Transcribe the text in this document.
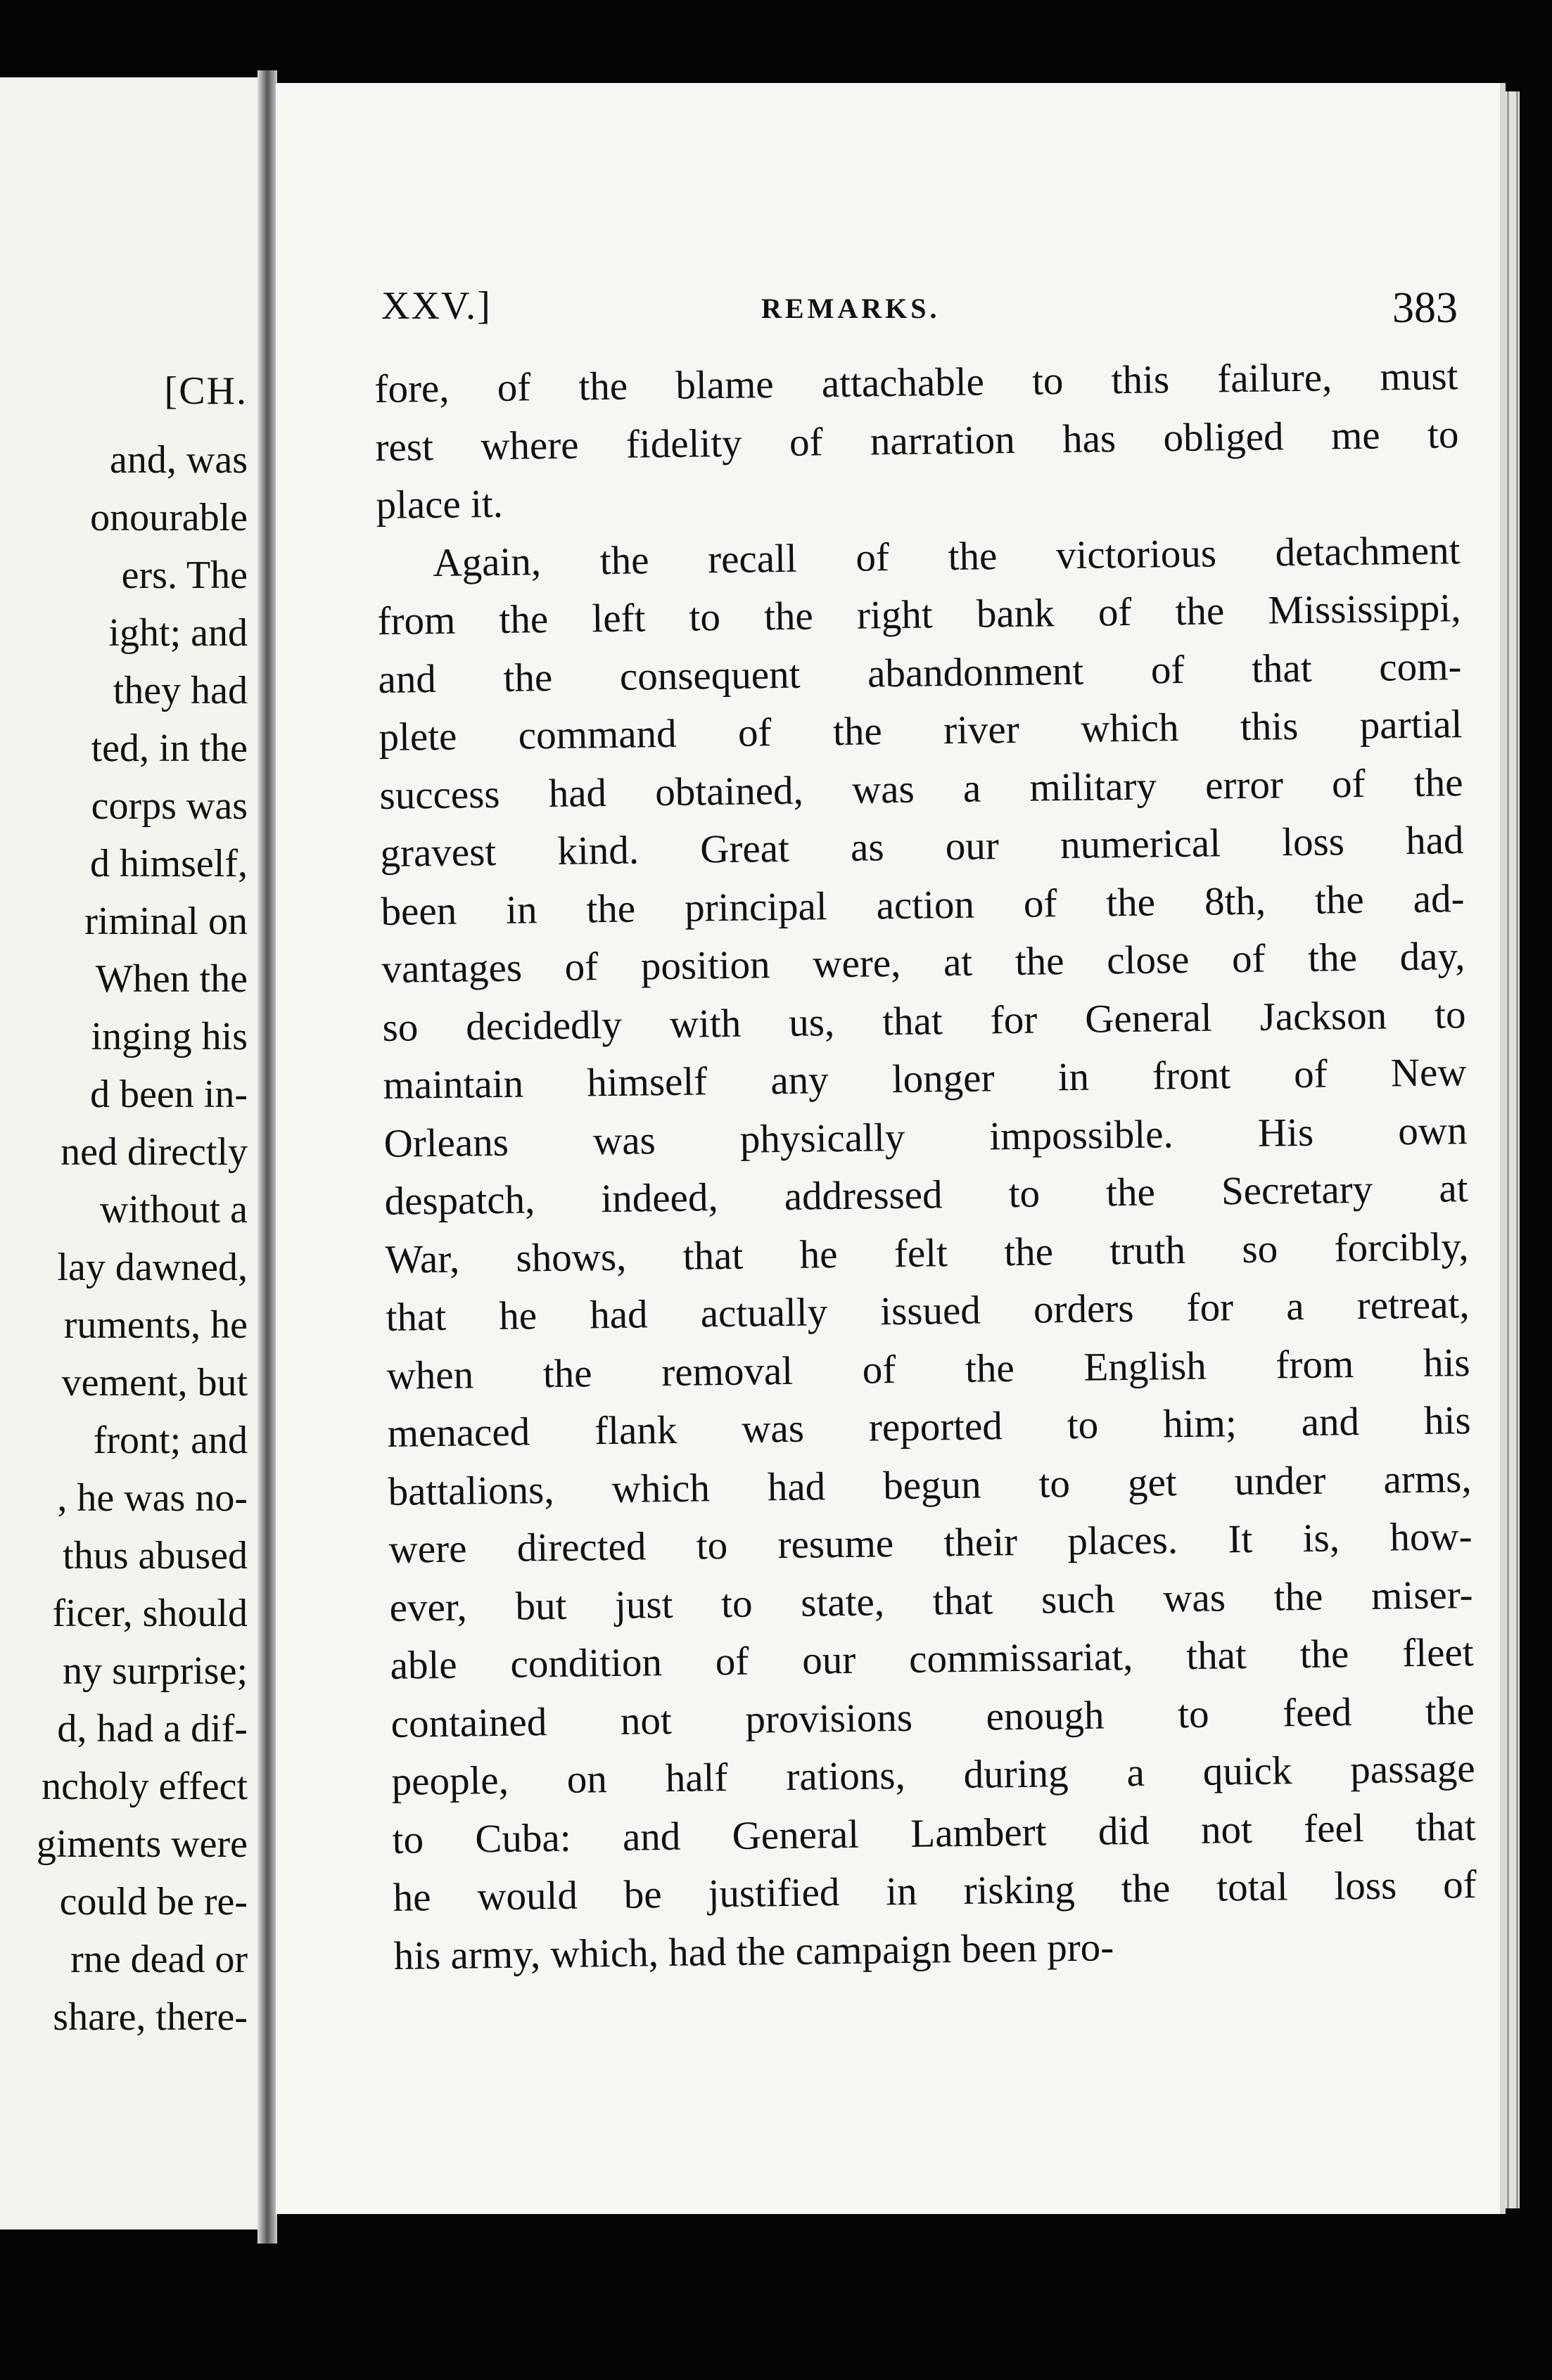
[CH.
and, was
onourable
ers. The
ight; and
they had
ted, in the
corps was
d himself,
riminal on
When the
inging his
d been in-
ned directly
without a
lay dawned,
ruments, he
vement, but
front; and
, he was no-
thus abused
ficer, should
ny surprise;
d, had a dif-
ncholy effect
giments were
could be re-
rne dead or
share, there-
XXV.]	REMARKS.	383
fore, of the blame attachable to this failure, must
rest where fidelity of narration has obliged me to
place it.
Again, the recall of the victorious detachment
from the left to the right bank of the Mississippi,
and the consequent abandonment of that com-
plete command of the river which this partial
success had obtained, was a military error of the
gravest kind. Great as our numerical loss had
been in the principal action of the 8th, the ad-
vantages of position were, at the close of the day,
so decidedly with us, that for General Jackson to
maintain himself any longer in front of New
Orleans was physically impossible. His own
despatch, indeed, addressed to the Secretary at
War, shows, that he felt the truth so forcibly,
that he had actually issued orders for a retreat,
when the removal of the English from his
menaced flank was reported to him; and his
battalions, which had begun to get under arms,
were directed to resume their places. It is, how-
ever, but just to state, that such was the miser-
able condition of our commissariat, that the fleet
contained not provisions enough to feed the
people, on half rations, during a quick passage
to Cuba: and General Lambert did not feel that
he would be justified in risking the total loss of
his army, which, had the campaign been pro-
